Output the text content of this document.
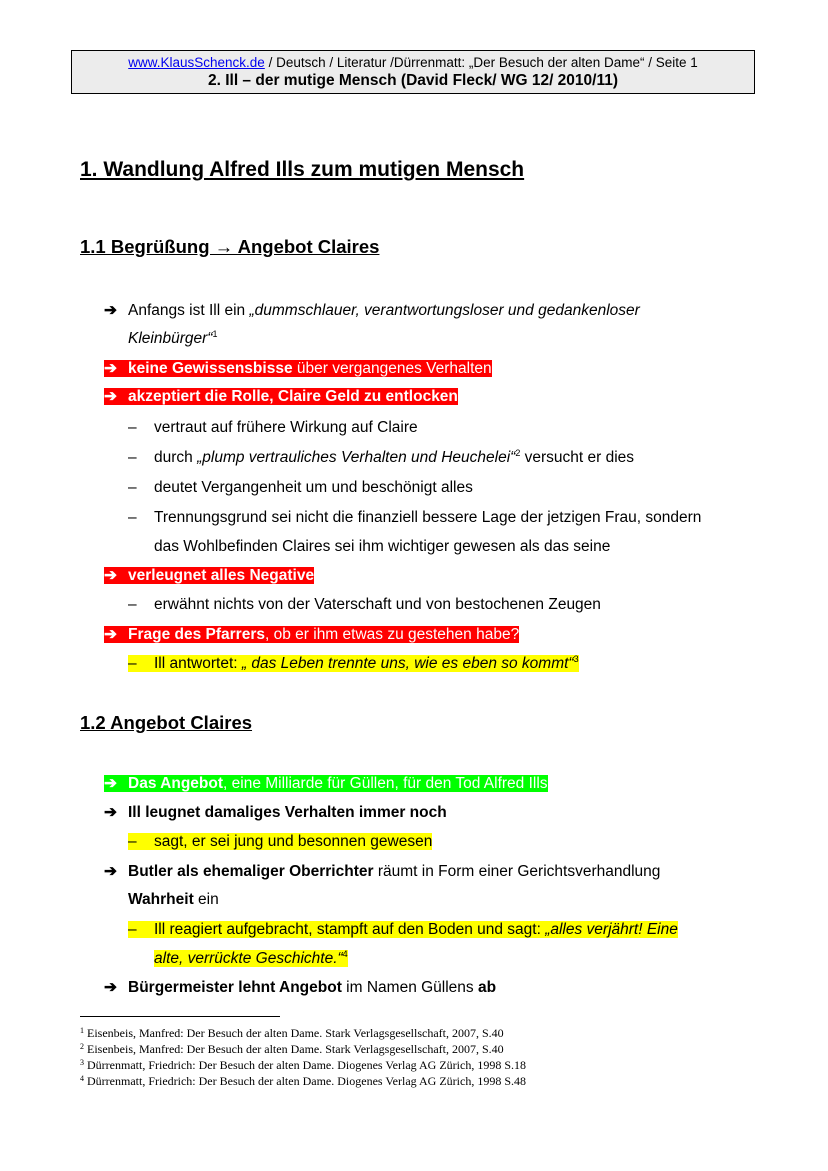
www.KlausSchenck.de / Deutsch / Literatur /Dürrenmatt: „Der Besuch der alten Dame“ / Seite 1
2. Ill – der mutige Mensch (David Fleck/ WG 12/ 2010/11)
1. Wandlung Alfred Ills zum mutigen Mensch
1.1 Begrüßung → Angebot Claires
➔ Anfangs ist Ill ein „dummschlauer, verantwortungsloser und gedankenloser
Kleinbürger“$^1$
➔ keine Gewissensbisse über vergangenes Verhalten
➔ akzeptiert die Rolle, Claire Geld zu entlocken
– vertraut auf frühere Wirkung auf Claire
– durch „plump vertrauliches Verhalten und Heuchelei“$^2$ versucht er dies
– deutet Vergangenheit um und beschönigt alles
– Trennungsgrund sei nicht die finanziell bessere Lage der jetzigen Frau, sondern
das Wohlbefinden Claires sei ihm wichtiger gewesen als das seine
➔ verleugnet alles Negative
– erwähnt nichts von der Vaterschaft und von bestochenen Zeugen
➔ Frage des Pfarrers, ob er ihm etwas zu gestehen habe?
– Ill antwortet: „ das Leben trennte uns, wie es eben so kommt“$^3$
1.2 Angebot Claires
➔ Das Angebot, eine Milliarde für Güllen, für den Tod Alfred Ills
➔ Ill leugnet damaliges Verhalten immer noch
– sagt, er sei jung und besonnen gewesen
➔ Butler als ehemaliger Oberrichter räumt in Form einer Gerichtsverhandlung
Wahrheit ein
– Ill reagiert aufgebracht, stampft auf den Boden und sagt: „alles verjährt! Eine
alte, verrückte Geschichte.“$^4$
➔ Bürgermeister lehnt Angebot im Namen Güllens ab
$^1$ Eisenbeis, Manfred: Der Besuch der alten Dame. Stark Verlagsgesellschaft, 2007, S.40
$^2$ Eisenbeis, Manfred: Der Besuch der alten Dame. Stark Verlagsgesellschaft, 2007, S.40
$^3$ Dürrenmatt, Friedrich: Der Besuch der alten Dame. Diogenes Verlag AG Zürich, 1998 S.18
$^4$ Dürrenmatt, Friedrich: Der Besuch der alten Dame. Diogenes Verlag AG Zürich, 1998 S.48
